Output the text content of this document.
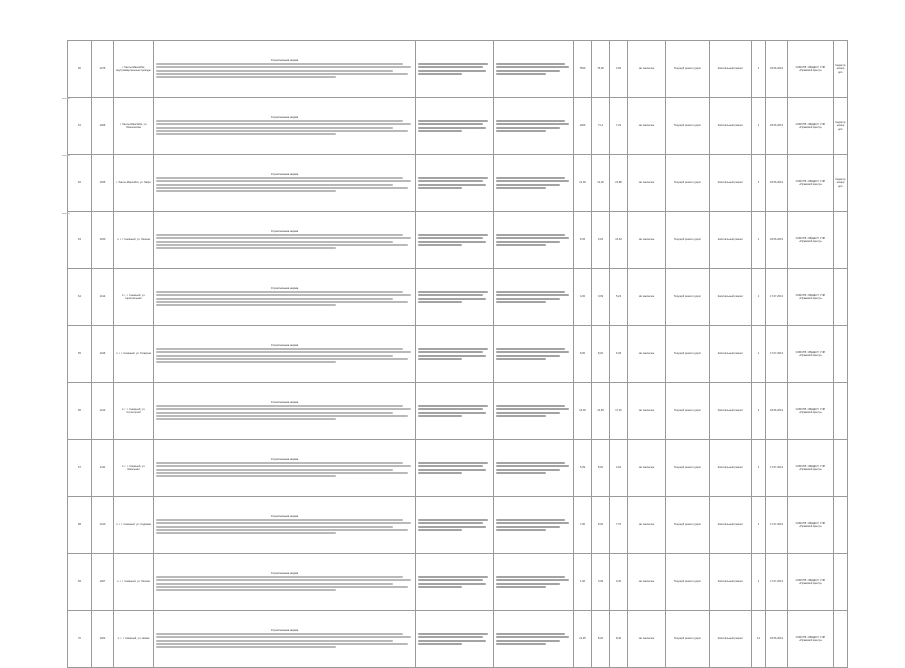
60	1475	г. Ханты-Мансийск, внутриквартальные проезды	Строительная норма			7500	75,00	4,50	Не заключен	Текущий ремонт дорог	Капитальный ремонт	1	18.06.2013	СОБСТВ. ОБЩЕСТ. УЧР. «Правовой Центр»	Кадастр. номер доп.
61	1466	г. Ханты-Мансийск, ул. Ломоносова	Строительная норма			1400	71,4	7,22	Не заключен	Текущий ремонт дорог	Капитальный ремонт	1	18.06.2013	СОБСТВ. ОБЩЕСТ. УЧР. «Правовой Центр»	Кадастр. номер доп.
62	1455	г. Ханты-Мансийск, ул. Мира	Строительная норма			21,00	12,30	22,88	Не заключен	Текущий ремонт дорог	Капитальный ремонт	1	18.06.2013	СОБСТВ. ОБЩЕСТ. УЧР. «Правовой Центр»	Кадастр. номер доп.
63	1450	п. г. т. Снежный, ул. Ленина	Строительная норма			8,35	9,26	10,64	Не заключен	Текущий ремонт дорог	Капитальный ремонт	1	18.06.2013	СОБСТВ. ОБЩЕСТ. УЧР. «Правовой Центр»	
64	1414	п. г. т. Снежный, ул. Центральная	Строительная норма			4,00	0,39	5,24	Не заключен	Текущий ремонт дорог	Капитальный ремонт	1	17.07.2013	СОБСТВ. ОБЩЕСТ. УЧР. «Правовой Центр»	
65	1426	п. г. т. Снежный, ул. Гагарина	Строительная норма			8,00	8,20	6,36	Не заключен	Текущий ремонт дорог	Капитальный ремонт	1	17.07.2013	СОБСТВ. ОБЩЕСТ. УЧР. «Правовой Центр»	
66	1412	п. г. т. Снежный, ул. Строителей	Строительная норма			16,00	14,60	17,31	Не заключен	Текущий ремонт дорог	Капитальный ремонт	1	18.06.2013	СОБСТВ. ОБЩЕСТ. УЧР. «Правовой Центр»	
67	1411	п. г. т. Снежный, ул. Школьная	Строительная норма			5,39	8,20	4,64	Не заключен	Текущий ремонт дорог	Капитальный ремонт	1	17.07.2013	СОБСТВ. ОБЩЕСТ. УЧР. «Правовой Центр»	
68	1410	п. г. т. Снежный, ул. Садовая	Строительная норма			7,00	8,20	7,76	Не заключен	Текущий ремонт дорог	Капитальный ремонт	1	17.07.2013	СОБСТВ. ОБЩЕСТ. УЧР. «Правовой Центр»	
69	1407	п. г. т. Снежный, ул. Лесная	Строительная норма			1,00	0,39	0,30	Не заключен	Текущий ремонт дорог	Капитальный ремонт	1	17.07.2013	СОБСТВ. ОБЩЕСТ. УЧР. «Правовой Центр»	
70	1402	п. г. т. Снежный, ул. Новая	Строительная норма			21,25	8,20	8,40	Не заключен	Текущий ремонт дорог	Капитальный ремонт	14	18.06.2013	СОБСТВ. ОБЩЕСТ. УЧР. «Правовой Центр»	
